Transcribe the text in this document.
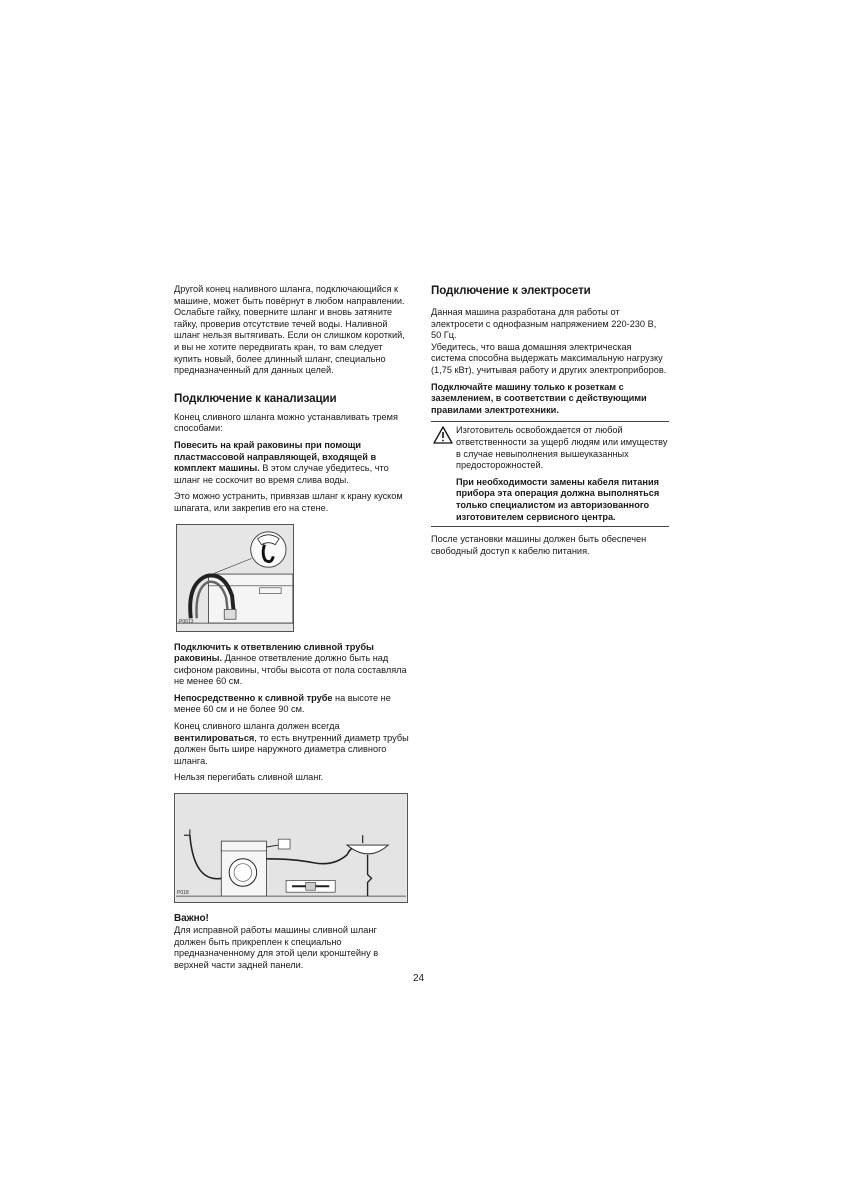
Другой конец наливного шланга, подключающийся к машине, может быть повёрнут в любом направлении. Ослабьте гайку, поверните шланг и вновь затяните гайку, проверив отсутствие течей воды. Наливной шланг нельзя вытягивать. Если он слишком короткий, и вы не хотите передвигать кран, то вам следует купить новый, более длинный шланг, специально предназначенный для данных целей.

Подключение к канализации

Конец сливного шланга можно устанавливать тремя способами:

Повесить на край раковины при помощи пластмассовой направляющей, входящей в комплект машины. В этом случае убедитесь, что шланг не соскочит во время слива воды.

Это можно устранить, привязав шланг к крану куском шпагата, или закрепив его на стене.

P0013

Подключить к ответвлению сливной трубы раковины. Данное ответвление должно быть над сифоном раковины, чтобы высота от пола составляла не менее 60 см.

Непосредственно к сливной трубе на высоте не менее 60 см и не более 90 см.

Конец сливного шланга должен всегда вентилироваться, то есть внутренний диаметр трубы должен быть шире наружного диаметра сливного шланга.

Нельзя перегибать сливной шланг.

P018
Важно!

Для исправной работы машины сливной шланг должен быть прикреплен к специально предназначенному для этой цели кронштейну в верхней части задней панели.

Подключение к электросети

Данная машина разработана для работы от электросети с однофазным напряжением 220-230 В, 50 Гц.

Убедитесь, что ваша домашняя электрическая система способна выдержать максимальную нагрузку (1,75 кВт), учитывая работу и других электроприборов.

Подключайте машину только к розеткам с заземлением, в соответствии с действующими правилами электротехники.

Изготовитель освобождается от любой ответственности за ущерб людям или имуществу в случае невыполнения вышеуказанных предосторожностей.

При необходимости замены кабеля питания прибора эта операция должна выполняться только специалистом из авторизованного изготовителем сервисного центра.

После установки машины должен быть обеспечен свободный доступ к кабелю питания.

24
